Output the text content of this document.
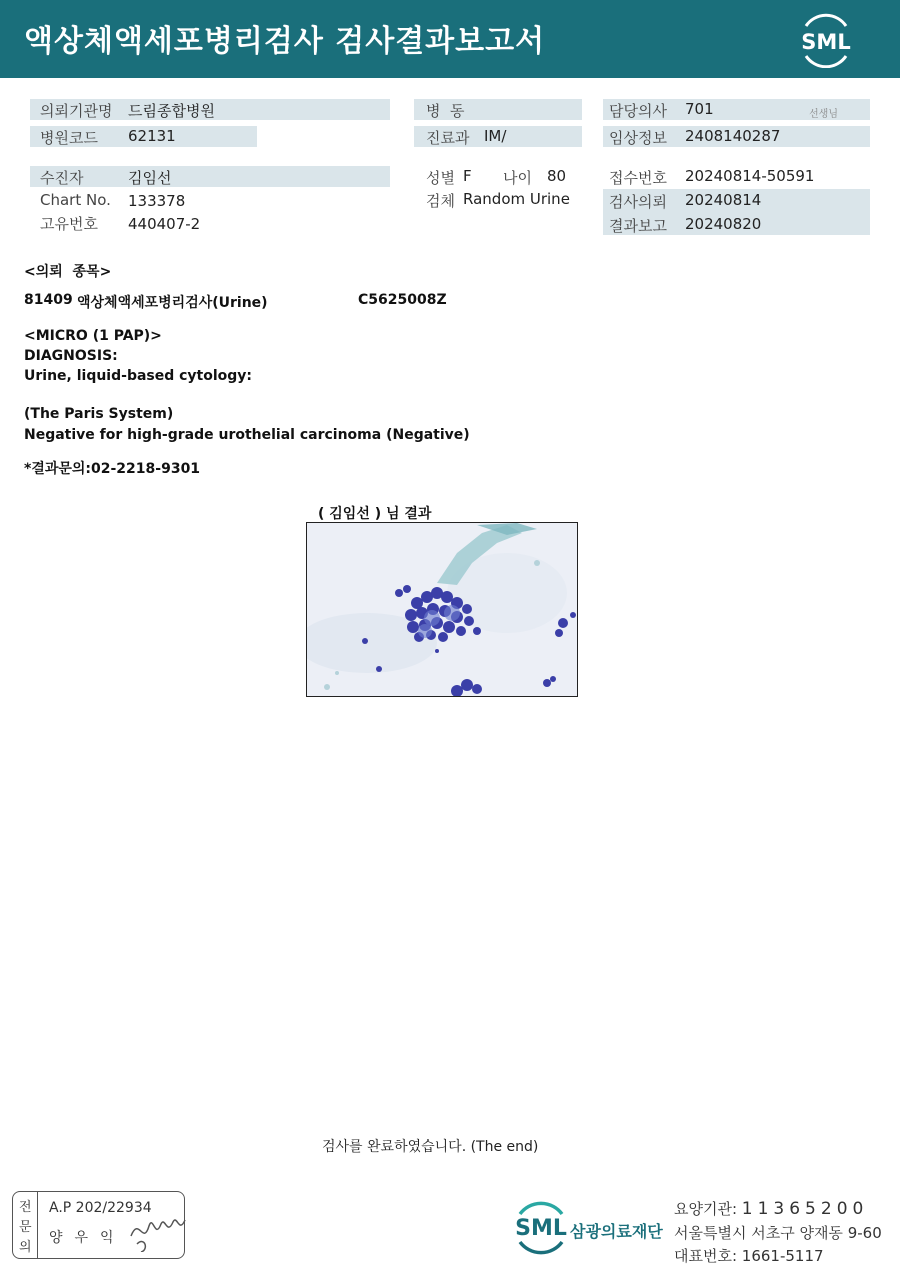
액상체액세포병리검사 검사결과보고서	SML
의뢰기관명 드림종합병원
병원코드 62131
병  동
진료과 IM/
담당의사 701	선생님
임상정보 2408140287
수진자	김임선
Chart No. 133378
고유번호 440407-2
성별 F 나이 80
검체 Random Urine
접수번호 20240814-50591
검사의뢰 20240814
결과보고 20240820
<의뢰  종목>
81409 액상체액세포병리검사(Urine)	C5625008Z
<MICRO (1 PAP)>
DIAGNOSIS:
Urine, liquid-based cytology:
(The Paris System)
Negative for high-grade urothelial carcinoma (Negative)
*결과문의:02-2218-9301
( 김임선 ) 님 결과
검사를 완료하였습니다. (The end)
전
문
의
A.P 202/22934
양우익	SML 삼광의료재단
요양기관: 11365200
서울특별시 서초구 양재동 9-60
대표번호: 1661-5117
